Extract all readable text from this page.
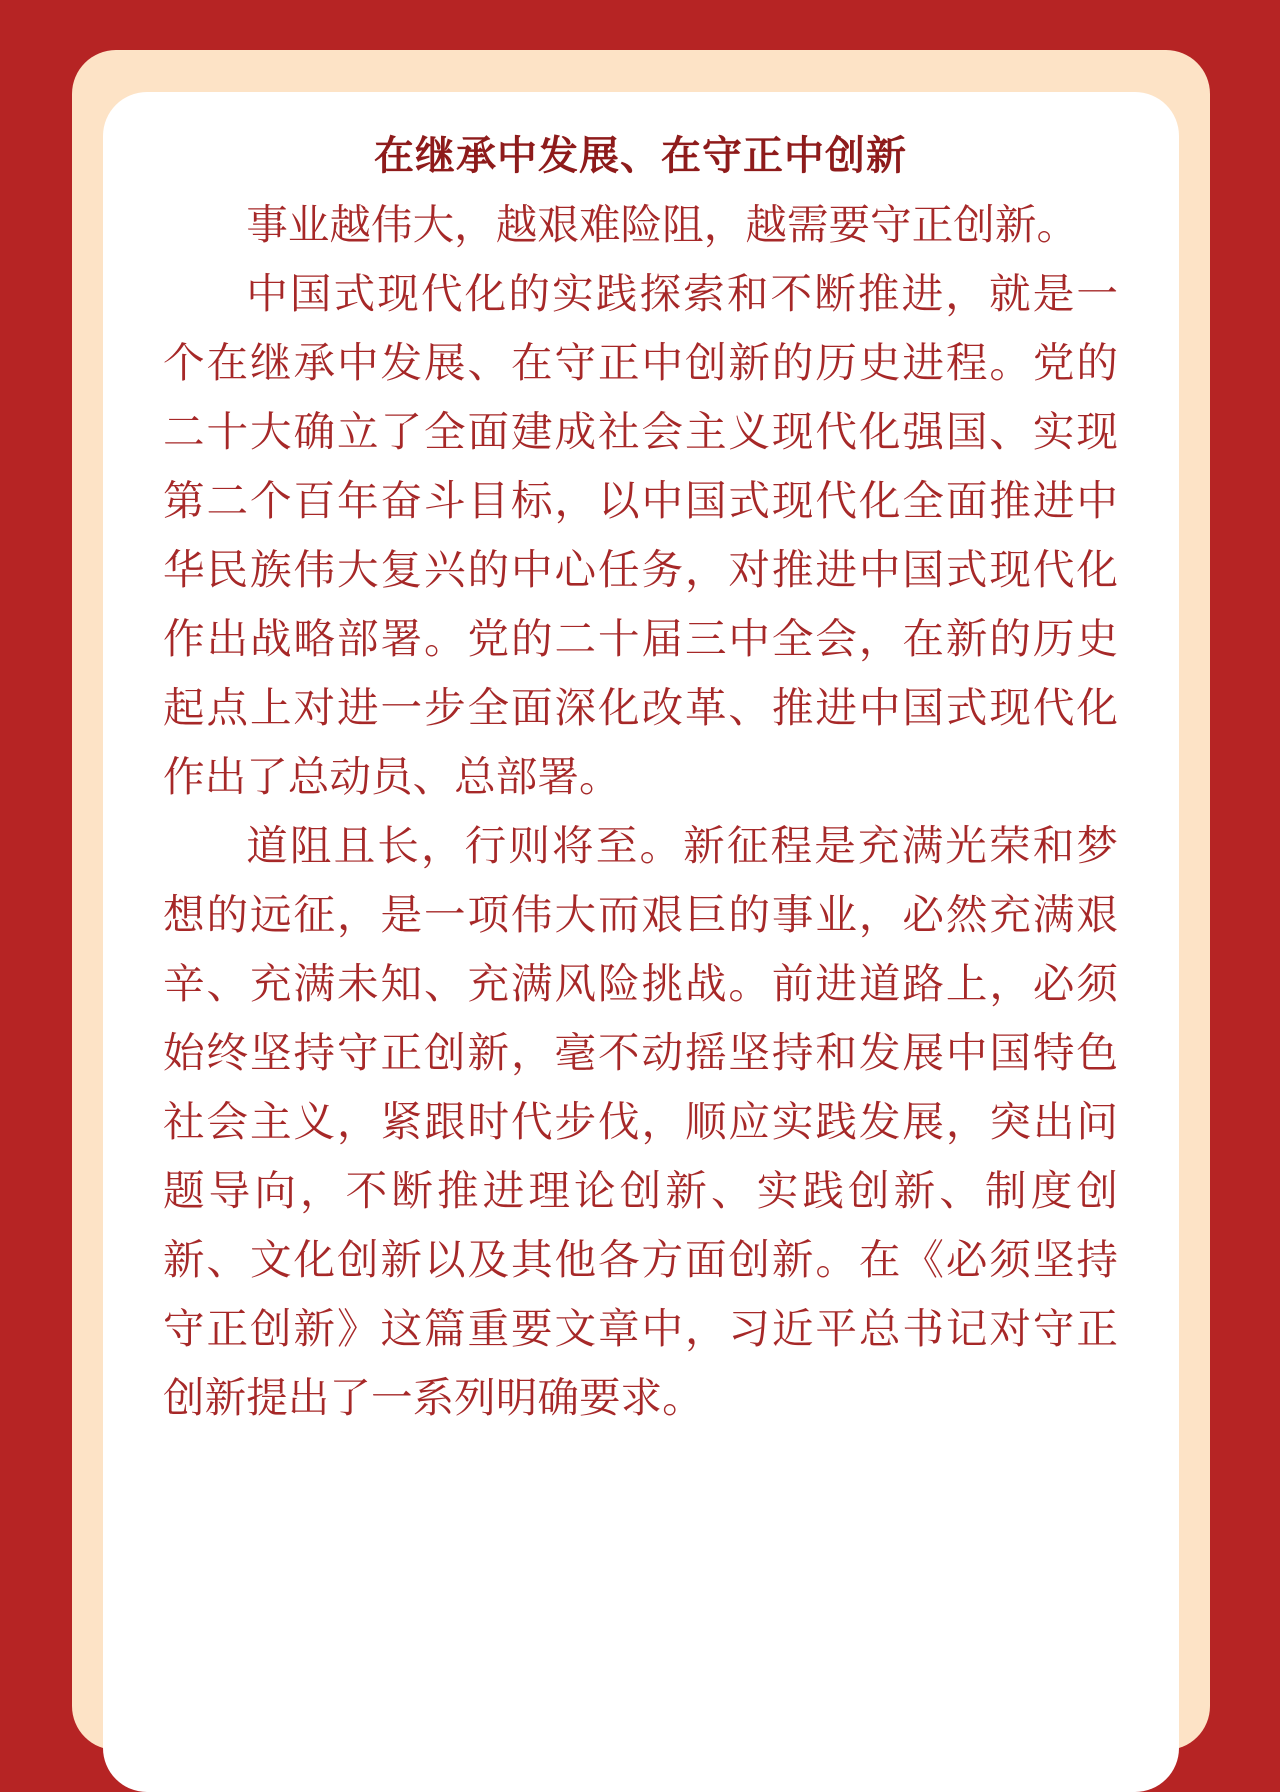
在继承中发展、在守正中创新

事业越伟大，越艰难险阻，越需要守正创新。

中国式现代化的实践探索和不断推进，就是一个在继承中发展、在守正中创新的历史进程。党的二十大确立了全面建成社会主义现代化强国、实现第二个百年奋斗目标，以中国式现代化全面推进中华民族伟大复兴的中心任务，对推进中国式现代化作出战略部署。党的二十届三中全会，在新的历史起点上对进一步全面深化改革、推进中国式现代化作出了总动员、总部署。

道阻且长，行则将至。新征程是充满光荣和梦想的远征，是一项伟大而艰巨的事业，必然充满艰辛、充满未知、充满风险挑战。前进道路上，必须始终坚持守正创新，毫不动摇坚持和发展中国特色社会主义，紧跟时代步伐，顺应实践发展，突出问题导向，不断推进理论创新、实践创新、制度创新、文化创新以及其他各方面创新。在《必须坚持守正创新》这篇重要文章中，习近平总书记对守正创新提出了一系列明确要求。
